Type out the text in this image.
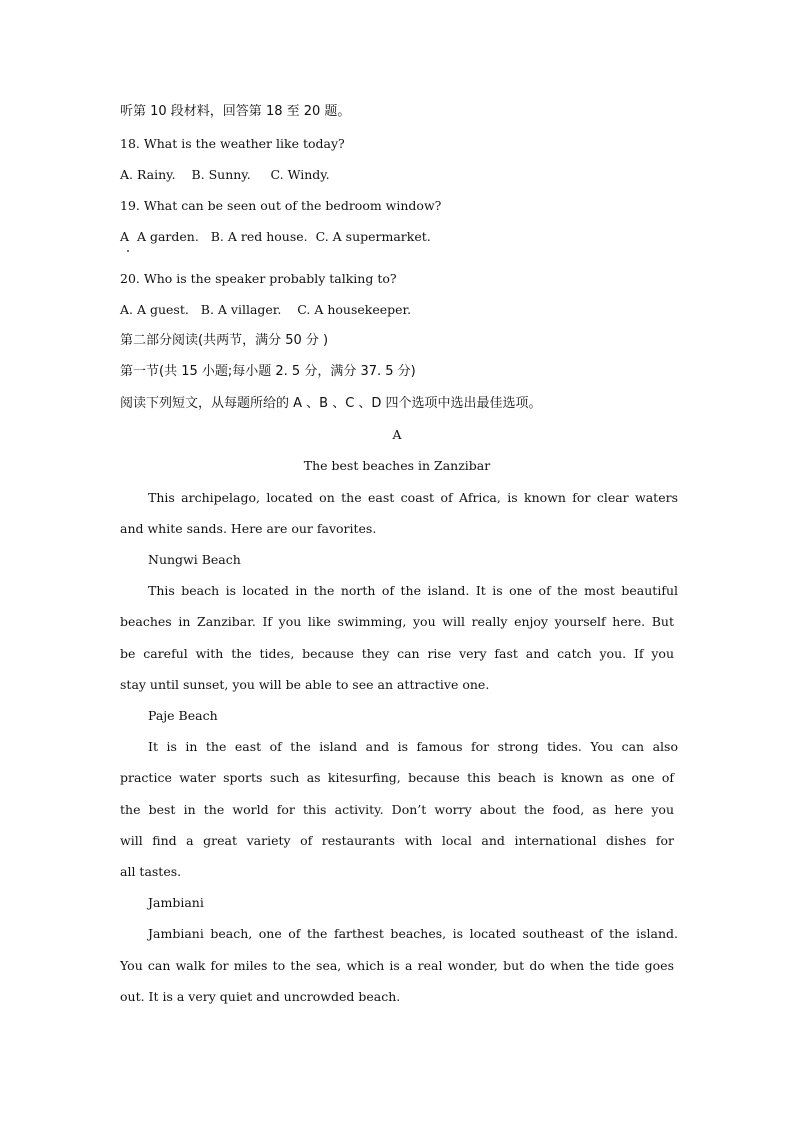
听第 10 段材料，回答第 18 至 20 题。
18. What is the weather like today?
A. Rainy.    B. Sunny.     C. Windy.
19. What can be seen out of the bedroom window?
A  A garden.   B. A red house.  C. A supermarket.
20. Who is the speaker probably talking to?
A. A guest.   B. A villager.    C. A housekeeper.
第二部分阅读(共两节，满分 50 分 )
第一节(共 15 小题;每小题 2. 5 分，满分 37. 5 分)
阅读下列短文，从每题所给的 A 、B 、C 、D 四个选项中选出最佳选项。
A
The best beaches in Zanzibar
This archipelago, located on the east coast of Africa, is known for clear waters
and white sands. Here are our favorites.
Nungwi Beach
This beach is located in the north of the island. It is one of the most beautiful
beaches in Zanzibar. If you like swimming, you will really enjoy yourself here. But
be careful with the tides, because they can rise very fast and catch you. If you
stay until sunset, you will be able to see an attractive one.
Paje Beach
It is in the east of the island and is famous for strong tides. You can also
practice water sports such as kitesurfing, because this beach is known as one of
the best in the world for this activity. Don’t worry about the food, as here you
will find a great variety of restaurants with local and international dishes for
all tastes.
Jambiani
Jambiani beach, one of the farthest beaches, is located southeast of the island.
You can walk for miles to the sea, which is a real wonder, but do when the tide goes
out. It is a very quiet and uncrowded beach.
